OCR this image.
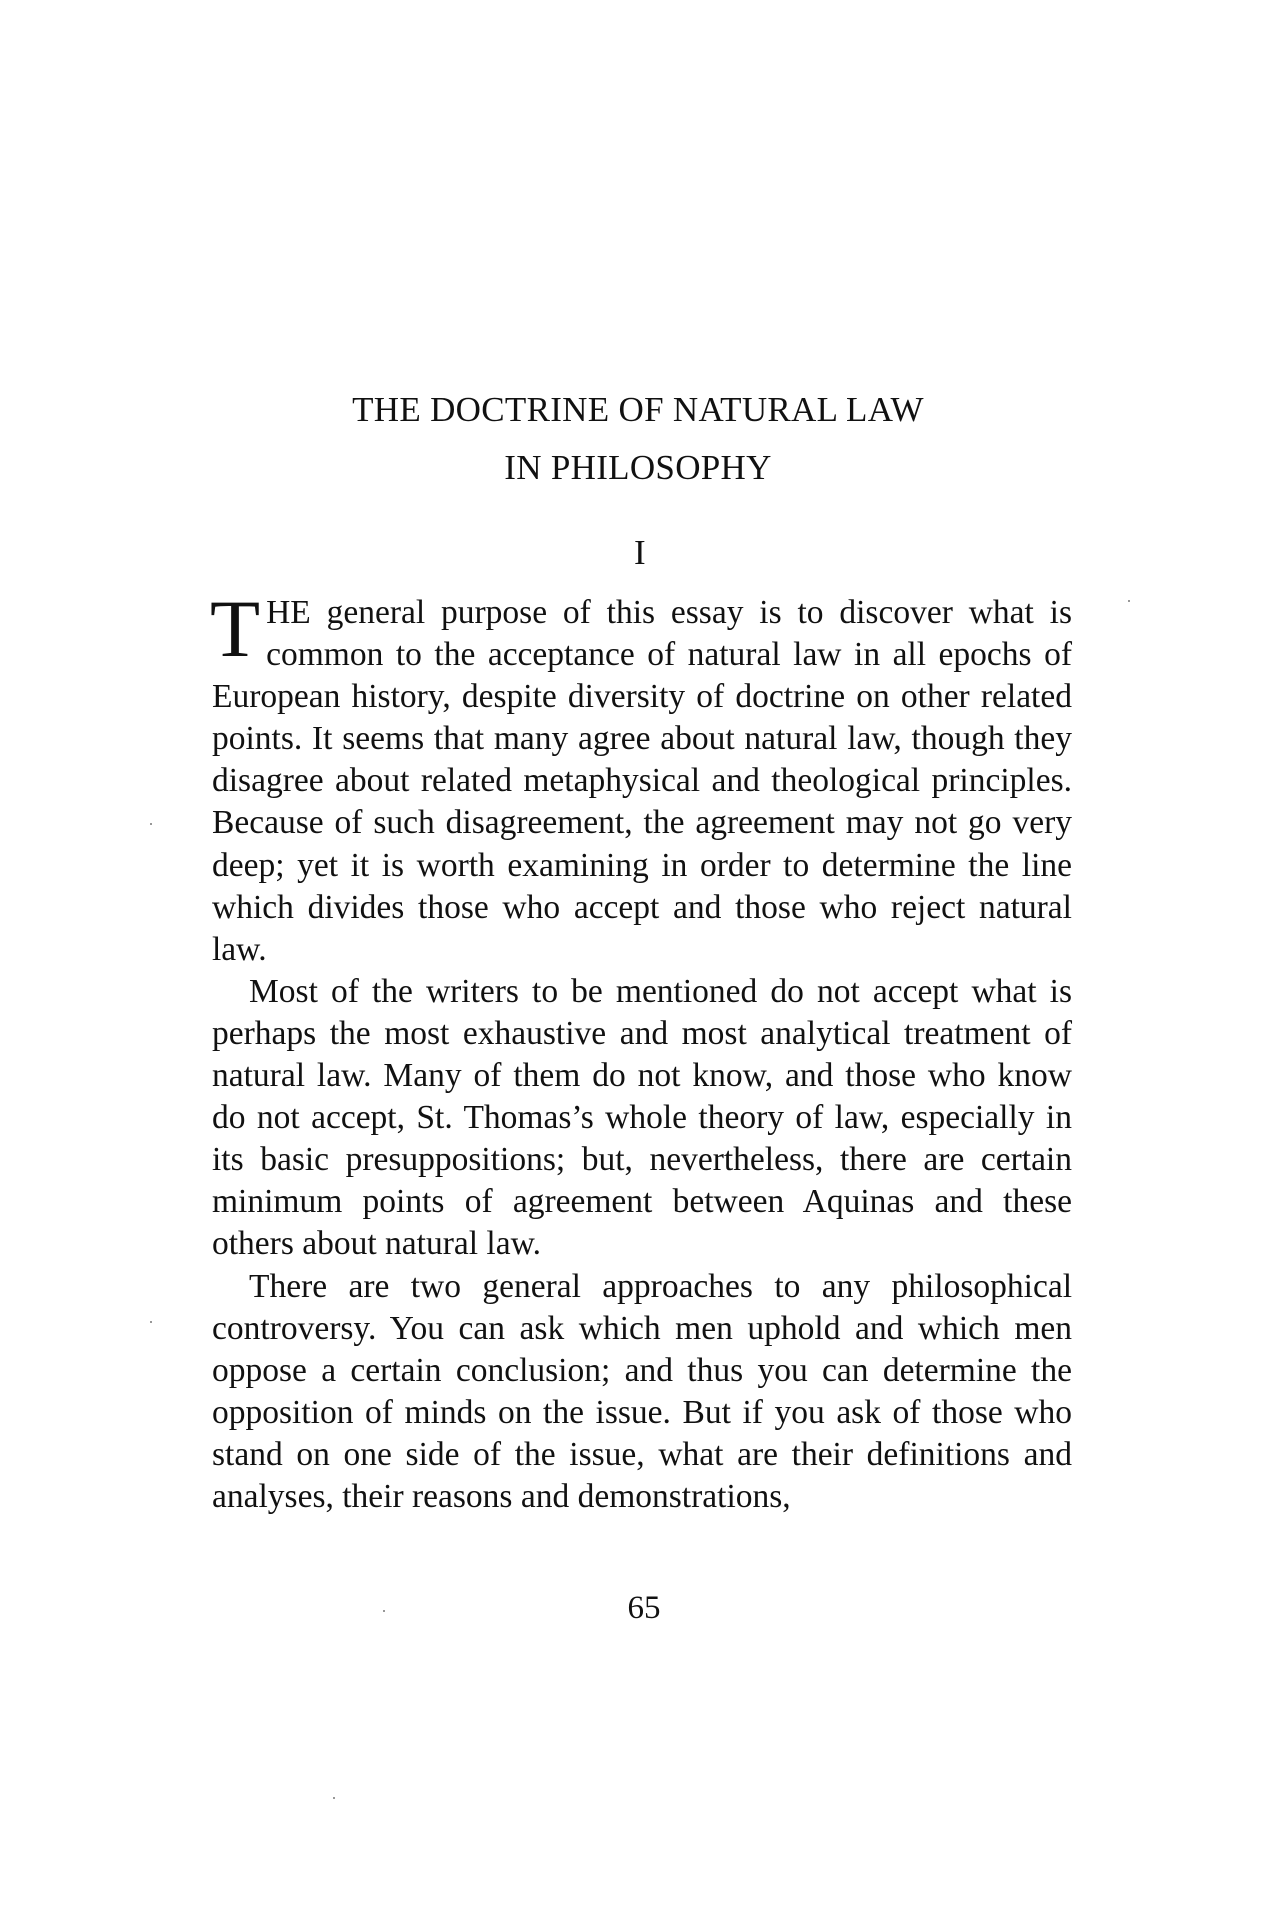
THE DOCTRINE OF NATURAL LAW
IN PHILOSOPHY
I

THE general purpose of this essay is to discover what is common to the acceptance of natural law in all epochs of European history, despite diversity of doctrine on other related points. It seems that many agree about natural law, though they disagree about related metaphysical and theological principles. Because of such disagreement, the agreement may not go very deep; yet it is worth examining in order to determine the line which divides those who accept and those who reject natural law.

Most of the writers to be mentioned do not accept what is perhaps the most exhaustive and most analytical treatment of natural law. Many of them do not know, and those who know do not accept, St. Thomas’s whole theory of law, especially in its basic presuppositions; but, nevertheless, there are certain minimum points of agreement between Aquinas and these others about natural law.

There are two general approaches to any philosophical controversy. You can ask which men uphold and which men oppose a certain conclusion; and thus you can determine the opposition of minds on the issue. But if you ask of those who stand on one side of the issue, what are their definitions and analyses, their reasons and demonstrations,

65
